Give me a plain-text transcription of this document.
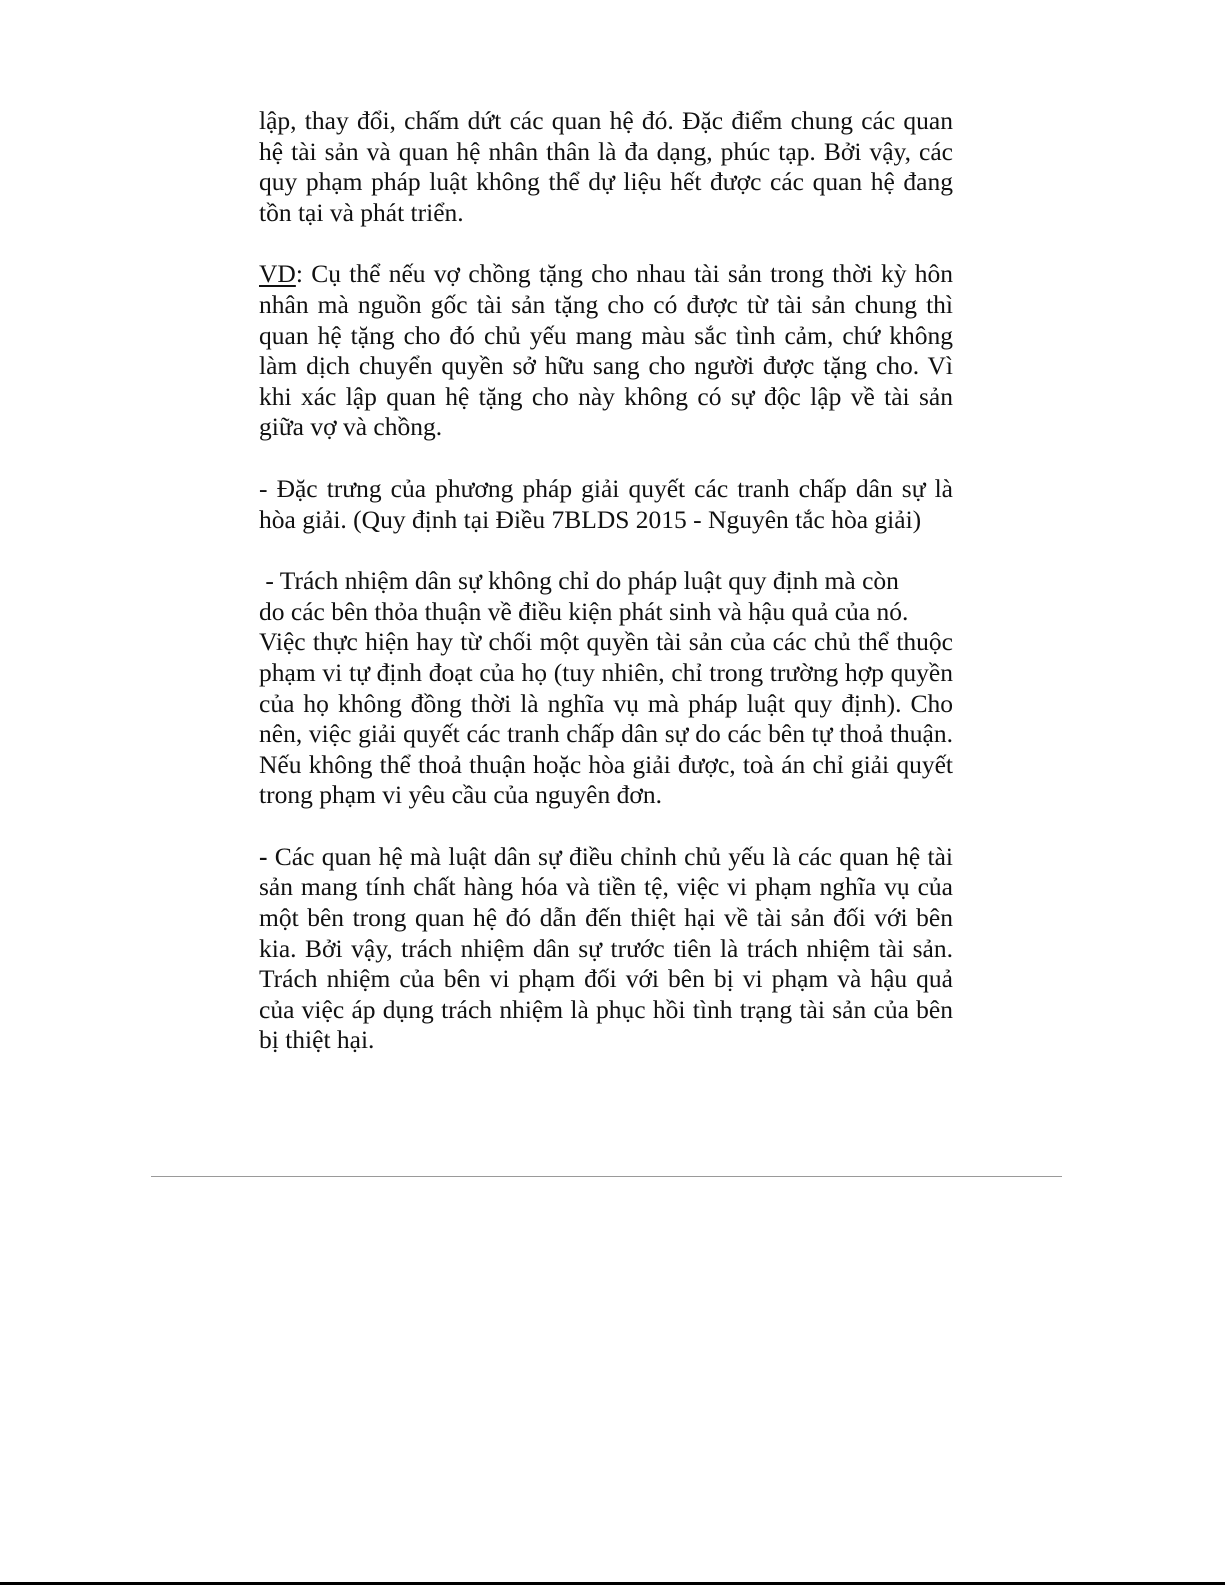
lập, thay đổi, chấm dứt các quan hệ đó. Đặc điểm chung các quan hệ tài sản và quan hệ nhân thân là đa dạng, phúc tạp. Bởi vậy, các quy phạm pháp luật không thể dự liệu hết được các quan hệ đang tồn tại và phát triển.

VD: Cụ thể nếu vợ chồng tặng cho nhau tài sản trong thời kỳ hôn nhân mà nguồn gốc tài sản tặng cho có được từ tài sản chung thì quan hệ tặng cho đó chủ yếu mang màu sắc tình cảm, chứ không làm dịch chuyển quyền sở hữu sang cho người được tặng cho. Vì khi xác lập quan hệ tặng cho này không có sự độc lập về tài sản giữa vợ và chồng.

- Đặc trưng của phương pháp giải quyết các tranh chấp dân sự là hòa giải. (Quy định tại Điều 7BLDS 2015 - Nguyên tắc hòa giải)

- Trách nhiệm dân sự không chỉ do pháp luật quy định mà còn

do các bên thỏa thuận về điều kiện phát sinh và hậu quả của nó.

Việc thực hiện hay từ chối một quyền tài sản của các chủ thể thuộc phạm vi tự định đoạt của họ (tuy nhiên, chỉ trong trường hợp quyền của họ không đồng thời là nghĩa vụ mà pháp luật quy định). Cho nên, việc giải quyết các tranh chấp dân sự do các bên tự thoả thuận. Nếu không thể thoả thuận hoặc hòa giải được, toà án chỉ giải quyết trong phạm vi yêu cầu của nguyên đơn.

- Các quan hệ mà luật dân sự điều chỉnh chủ yếu là các quan hệ tài sản mang tính chất hàng hóa và tiền tệ, việc vi phạm nghĩa vụ của một bên trong quan hệ đó dẫn đến thiệt hại về tài sản đối với bên kia. Bởi vậy, trách nhiệm dân sự trước tiên là trách nhiệm tài sản. Trách nhiệm của bên vi phạm đối với bên bị vi phạm và hậu quả của việc áp dụng trách nhiệm là phục hồi tình trạng tài sản của bên bị thiệt hại.
